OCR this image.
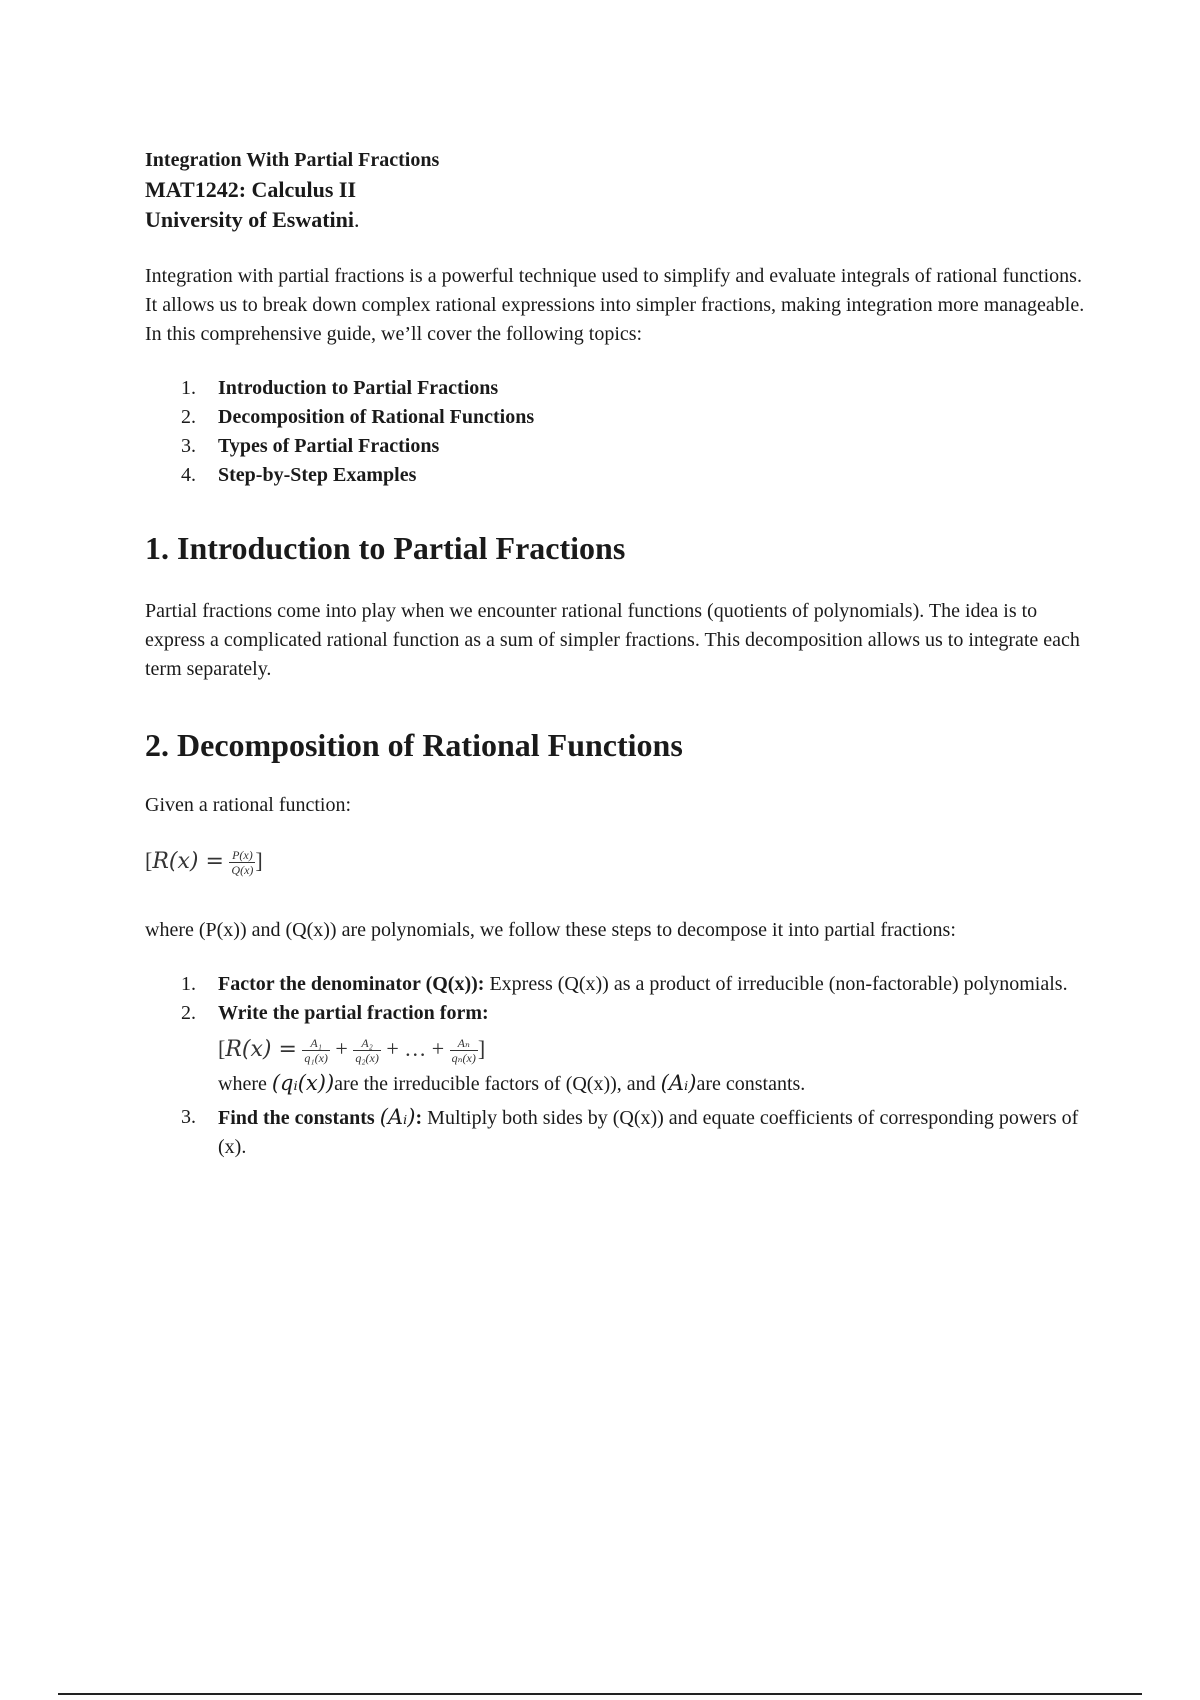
Integration With Partial Fractions
MAT1242: Calculus II
University of Eswatini.

Integration with partial fractions is a powerful technique used to simplify and evaluate integrals of rational functions. It allows us to break down complex rational expressions into simpler fractions, making integration more manageable. In this comprehensive guide, we’ll cover the following topics:

1. Introduction to Partial Fractions
2. Decomposition of Rational Functions
3. Types of Partial Fractions
4. Step-by-Step Examples
1. Introduction to Partial Fractions

Partial fractions come into play when we encounter rational functions (quotients of polynomials). The idea is to express a complicated rational function as a sum of simpler fractions. This decomposition allows us to integrate each term separately.

2. Decomposition of Rational Functions

Given a rational function:

[$R(x) = \frac{P(x)}{Q(x)}$ ]

where (P(x)) and (Q(x)) are polynomials, we follow these steps to decompose it into partial fractions:

1. Factor the denominator (Q(x)): Express (Q(x)) as a product of irreducible (non-factorable) polynomials.
2. Write the partial fraction form:
[$R(x) = \frac{\text{A₁}}{\text{q₁(x)}} + \frac{\text{A₂}}{\text{q₂(x)}}$ + … + $\frac{\text{Aₙ}}{\text{qₙ(x)}}$ ]
where (qᵢ(x))are the irreducible factors of (Q(x)), and (Aᵢ)are constants.
3. Find the constants (Aᵢ): Multiply both sides by (Q(x)) and equate coefficients of corresponding powers of (x).
